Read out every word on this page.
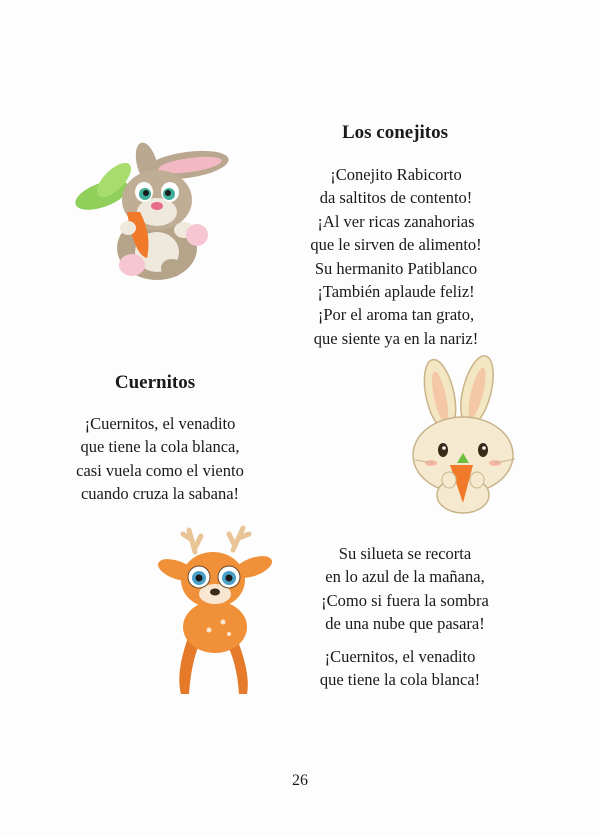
Los conejitos
¡Conejito Rabicorto
da saltitos de contento!
¡Al ver ricas zanahorias
que le sirven de alimento!
Su hermanito Patiblanco
¡También aplaude feliz!
¡Por el aroma tan grato,
que siente ya en la nariz!
Cuernitos
¡Cuernitos, el venadito
que tiene la cola blanca,
casi vuela como el viento
cuando cruza la sabana!
Su silueta se recorta
en lo azul de la mañana,
¡Como si fuera la sombra
de una nube que pasara!
¡Cuernitos, el venadito
que tiene la cola blanca!
26
